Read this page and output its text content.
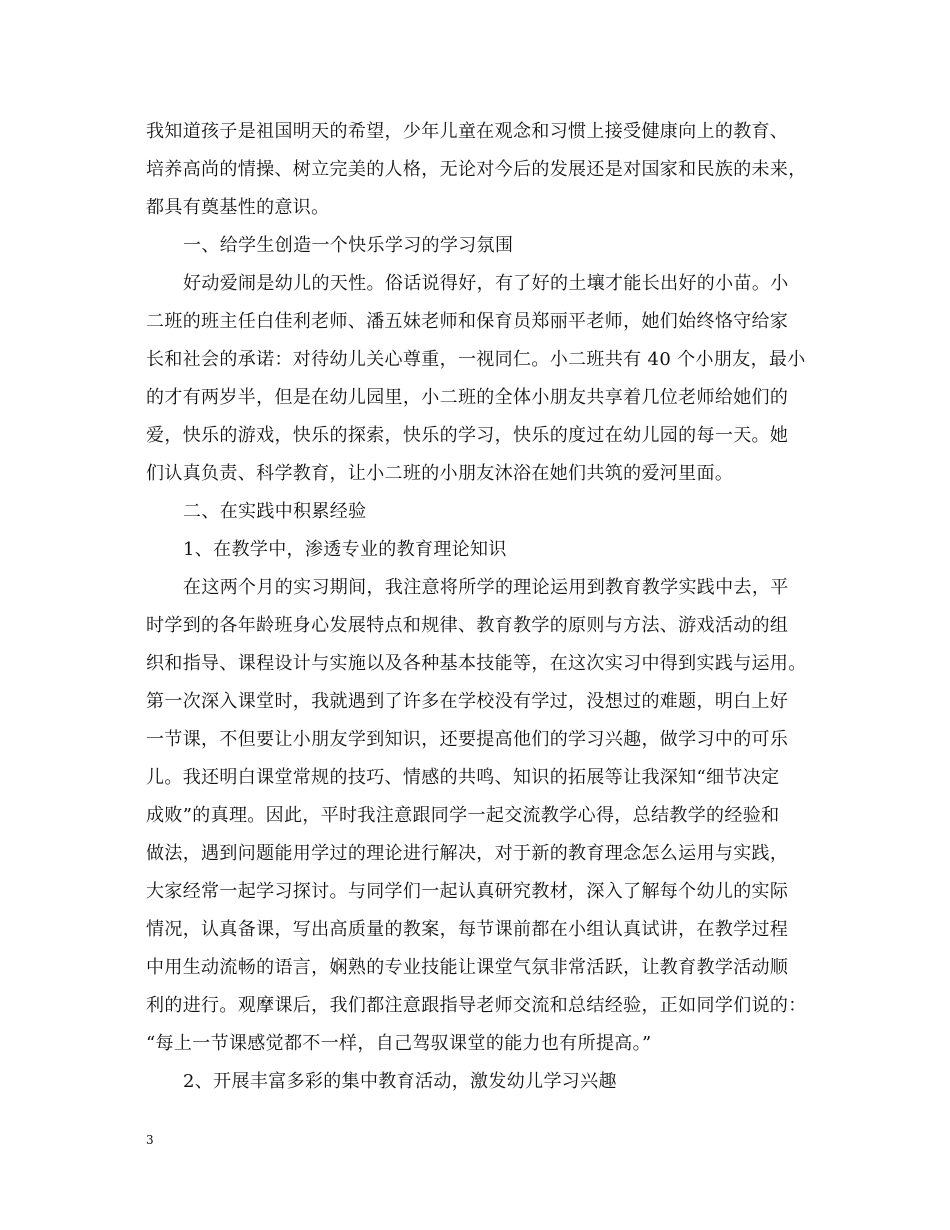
我知道孩子是祖国明天的希望，少年儿童在观念和习惯上接受健康向上的教育、
培养高尚的情操、树立完美的人格，无论对今后的发展还是对国家和民族的未来，
都具有奠基性的意识。
一、给学生创造一个快乐学习的学习氛围
好动爱闹是幼儿的天性。俗话说得好，有了好的土壤才能长出好的小苗。小
二班的班主任白佳利老师、潘五妹老师和保育员郑丽平老师，她们始终恪守给家
长和社会的承诺：对待幼儿关心尊重，一视同仁。小二班共有 40 个小朋友，最小
的才有两岁半，但是在幼儿园里，小二班的全体小朋友共享着几位老师给她们的
爱，快乐的游戏，快乐的探索，快乐的学习，快乐的度过在幼儿园的每一天。她
们认真负责、科学教育，让小二班的小朋友沐浴在她们共筑的爱河里面。
二、在实践中积累经验
1、在教学中，渗透专业的教育理论知识
在这两个月的实习期间，我注意将所学的理论运用到教育教学实践中去，平
时学到的各年龄班身心发展特点和规律、教育教学的原则与方法、游戏活动的组
织和指导、课程设计与实施以及各种基本技能等，在这次实习中得到实践与运用。
第一次深入课堂时，我就遇到了许多在学校没有学过，没想过的难题，明白上好
一节课，不但要让小朋友学到知识，还要提高他们的学习兴趣，做学习中的可乐
儿。我还明白课堂常规的技巧、情感的共鸣、知识的拓展等让我深知“细节决定
成败”的真理。因此，平时我注意跟同学一起交流教学心得，总结教学的经验和
做法，遇到问题能用学过的理论进行解决，对于新的教育理念怎么运用与实践，
大家经常一起学习探讨。与同学们一起认真研究教材，深入了解每个幼儿的实际
情况，认真备课，写出高质量的教案，每节课前都在小组认真试讲，在教学过程
中用生动流畅的语言，娴熟的专业技能让课堂气氛非常活跃，让教育教学活动顺
利的进行。观摩课后，我们都注意跟指导老师交流和总结经验，正如同学们说的：
“每上一节课感觉都不一样，自己驾驭课堂的能力也有所提高。”
2、开展丰富多彩的集中教育活动，激发幼儿学习兴趣
3
